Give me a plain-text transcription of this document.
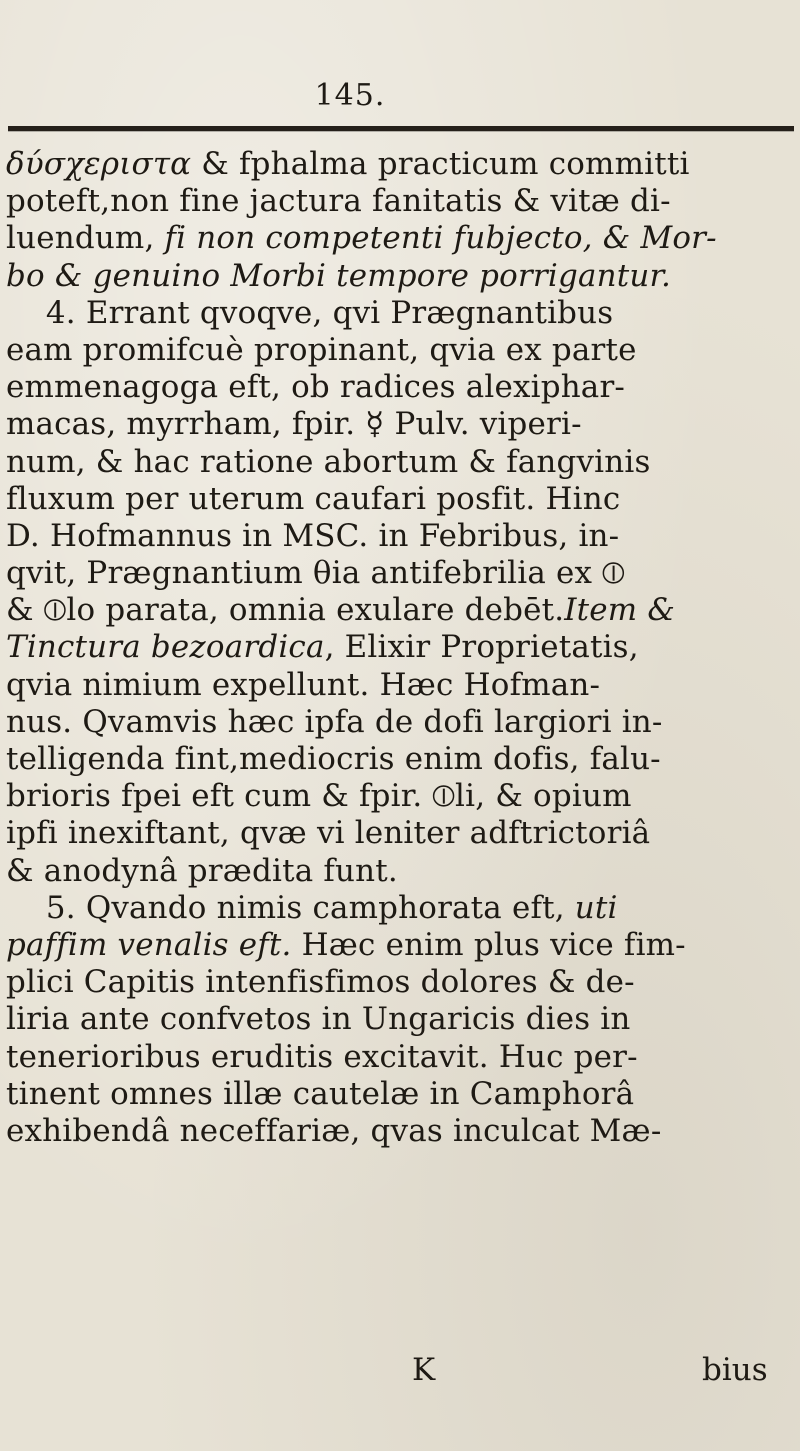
145.
δύσχεριστα & fphalma practicum committi
poteft,non fine jactura fanitatis & vitæ di-
luendum, fi non competenti fubjecto, & Mor-
bo & genuino Morbi tempore porrigantur.
4. Errant qvoqve, qvi Prægnantibus
eam promifcuè propinant, qvia ex parte
emmenagoga eft, ob radices alexiphar-
macas, myrrham, fpir. ☿ Pulv. viperi-
num, & hac ratione abortum & fangvinis
fluxum per uterum caufari posfit. Hinc
D. Hofmannus in MSC. in Febribus, in-
qvit, Prægnantium θia antifebrilia ex ⦶
& ⦶lo parata, omnia exulare debēt.Item &
Tinctura bezoardica, Elixir Proprietatis,
qvia nimium expellunt. Hæc Hofman-
nus. Qvamvis hæc ipfa de dofi largiori in-
telligenda fint,mediocris enim dofis, falu-
brioris fpei eft cum & fpir. ⦶li, & opium
ipfi inexiftant, qvæ vi leniter adftrictoriâ
& anodynâ prædita funt.
5. Qvando nimis camphorata eft, uti
paffim venalis eft. Hæc enim plus vice fim-
plici Capitis intenfisfimos dolores & de-
liria ante confvetos in Ungaricis dies in
tenerioribus eruditis excitavit. Huc per-
tinent omnes illæ cautelæ in Camphorâ
exhibendâ neceffariæ, qvas inculcat Mæ-
K	bius
